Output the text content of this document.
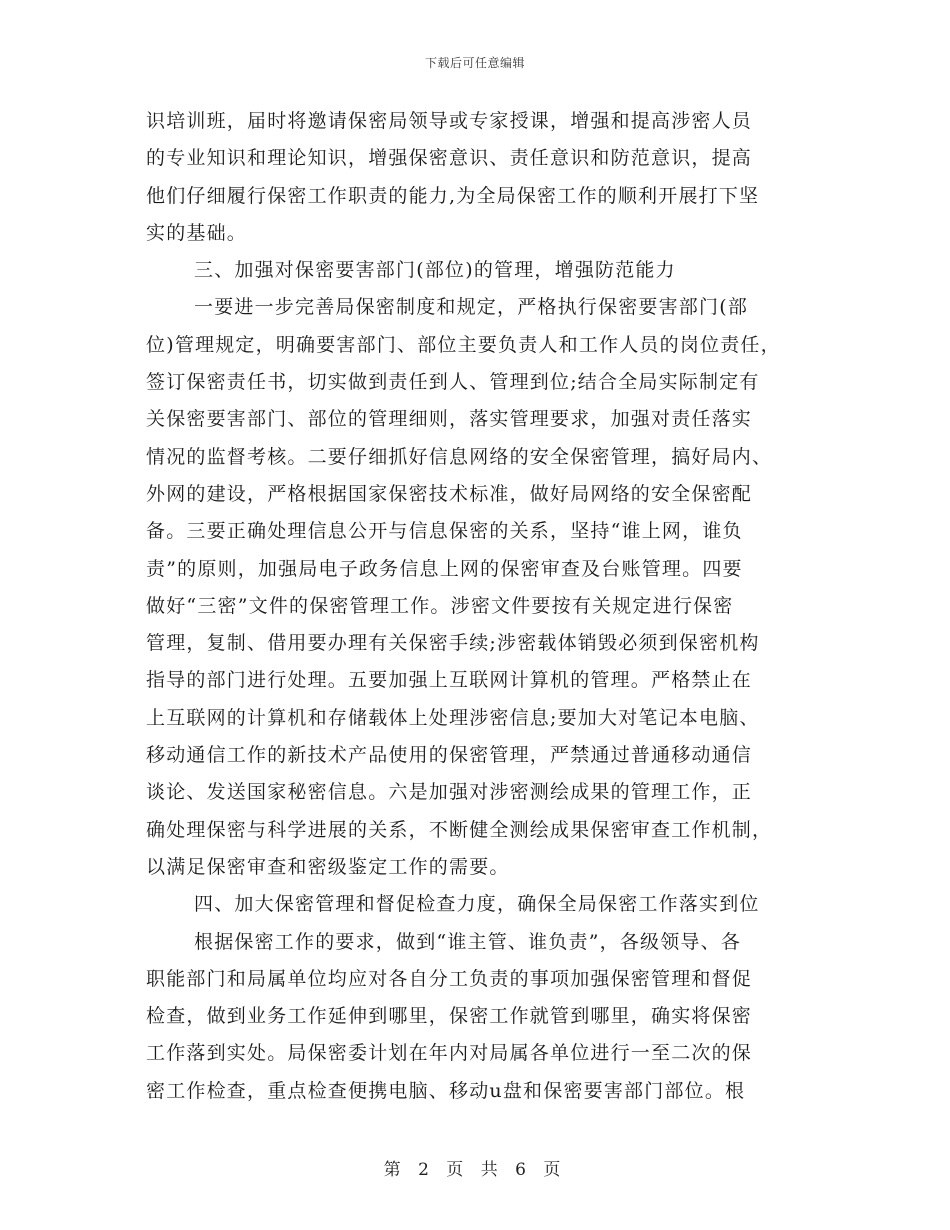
下载后可任意编辑
识培训班，届时将邀请保密局领导或专家授课，增强和提高涉密人员
的专业知识和理论知识，增强保密意识、责任意识和防范意识，提高
他们仔细履行保密工作职责的能力,为全局保密工作的顺利开展打下坚
实的基础。
三、加强对保密要害部门(部位)的管理，增强防范能力
一要进一步完善局保密制度和规定，严格执行保密要害部门(部
位)管理规定，明确要害部门、部位主要负责人和工作人员的岗位责任，
签订保密责任书，切实做到责任到人、管理到位;结合全局实际制定有
关保密要害部门、部位的管理细则，落实管理要求，加强对责任落实
情况的监督考核。二要仔细抓好信息网络的安全保密管理，搞好局内、
外网的建设，严格根据国家保密技术标准，做好局网络的安全保密配
备。三要正确处理信息公开与信息保密的关系，坚持“谁上网，谁负
责”的原则，加强局电子政务信息上网的保密审查及台账管理。四要
做好“三密”文件的保密管理工作。涉密文件要按有关规定进行保密
管理，复制、借用要办理有关保密手续;涉密载体销毁必须到保密机构
指导的部门进行处理。五要加强上互联网计算机的管理。严格禁止在
上互联网的计算机和存储载体上处理涉密信息;要加大对笔记本电脑、
移动通信工作的新技术产品使用的保密管理，严禁通过普通移动通信
谈论、发送国家秘密信息。六是加强对涉密测绘成果的管理工作，正
确处理保密与科学进展的关系，不断健全测绘成果保密审查工作机制，
以满足保密审查和密级鉴定工作的需要。
四、加大保密管理和督促检查力度，确保全局保密工作落实到位
根据保密工作的要求，做到“谁主管、谁负责”，各级领导、各
职能部门和局属单位均应对各自分工负责的事项加强保密管理和督促
检查，做到业务工作延伸到哪里，保密工作就管到哪里，确实将保密
工作落到实处。局保密委计划在年内对局属各单位进行一至二次的保
密工作检查，重点检查便携电脑、移动u盘和保密要害部门部位。根
第 2 页 共 6 页
